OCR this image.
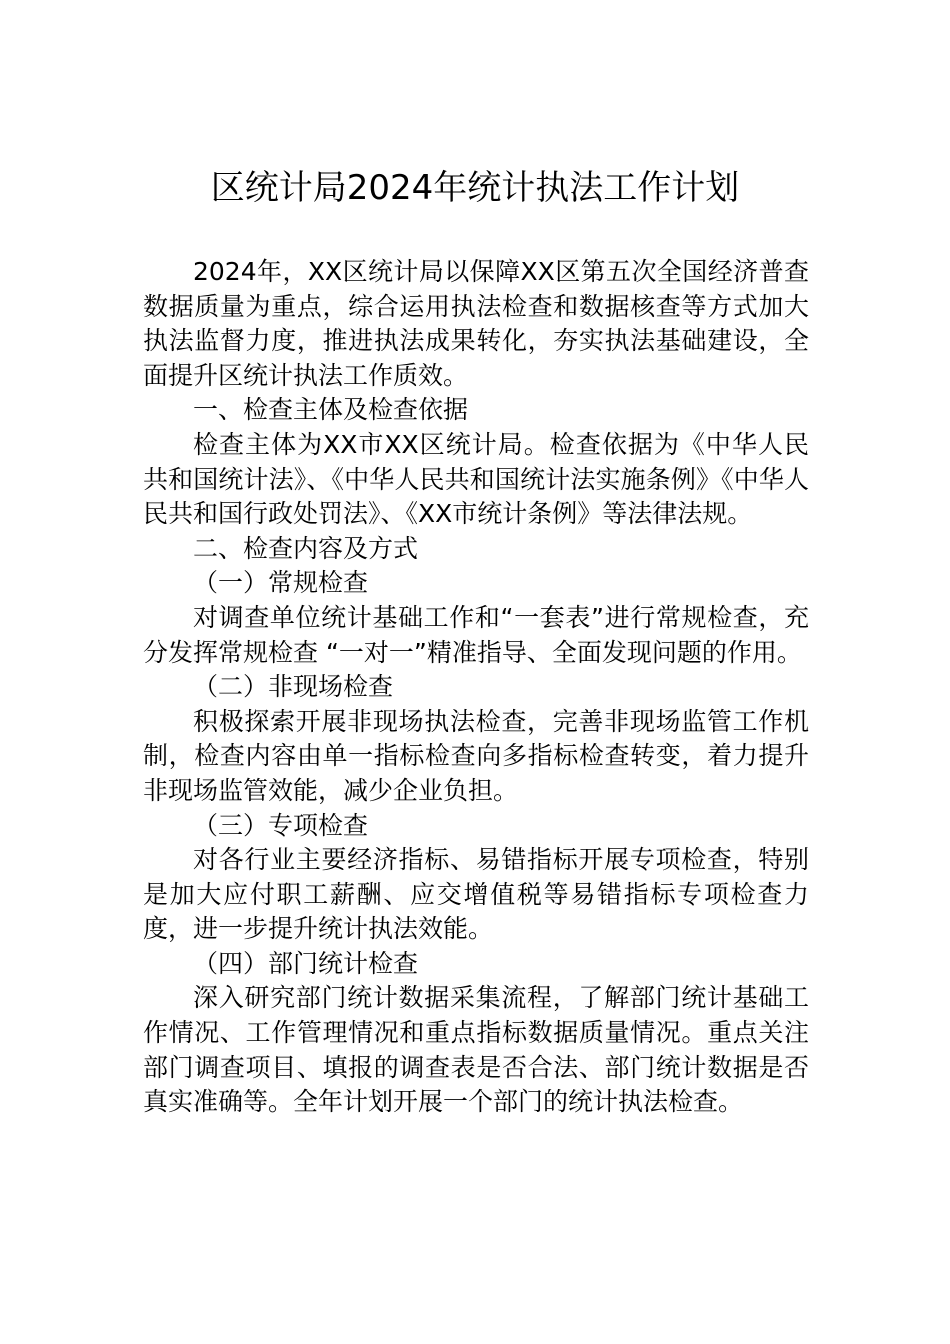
区统计局2024年统计执法工作计划

2024年，XX区统计局以保障XX区第五次全国经济普查数据质量为重点，综合运用执法检查和数据核查等方式加大执法监督力度，推进执法成果转化，夯实执法基础建设，全面提升区统计执法工作质效。

一、检查主体及检查依据

检查主体为XX市XX区统计局。检查依据为《中华人民共和国统计法》、《中华人民共和国统计法实施条例》《中华人民共和国行政处罚法》、《XX市统计条例》等法律法规。

二、检查内容及方式

（一）常规检查

对调查单位统计基础工作和“一套表”进行常规检查，充分发挥常规检查 “一对一”精准指导、全面发现问题的作用。

（二）非现场检查

积极探索开展非现场执法检查，完善非现场监管工作机制，检查内容由单一指标检查向多指标检查转变，着力提升非现场监管效能，减少企业负担。

（三）专项检查

对各行业主要经济指标、易错指标开展专项检查，特别是加大应付职工薪酬、应交增值税等易错指标专项检查力度，进一步提升统计执法效能。

（四）部门统计检查

深入研究部门统计数据采集流程，了解部门统计基础工作情况、工作管理情况和重点指标数据质量情况。重点关注部门调查项目、填报的调查表是否合法、部门统计数据是否真实准确等。全年计划开展一个部门的统计执法检查。
